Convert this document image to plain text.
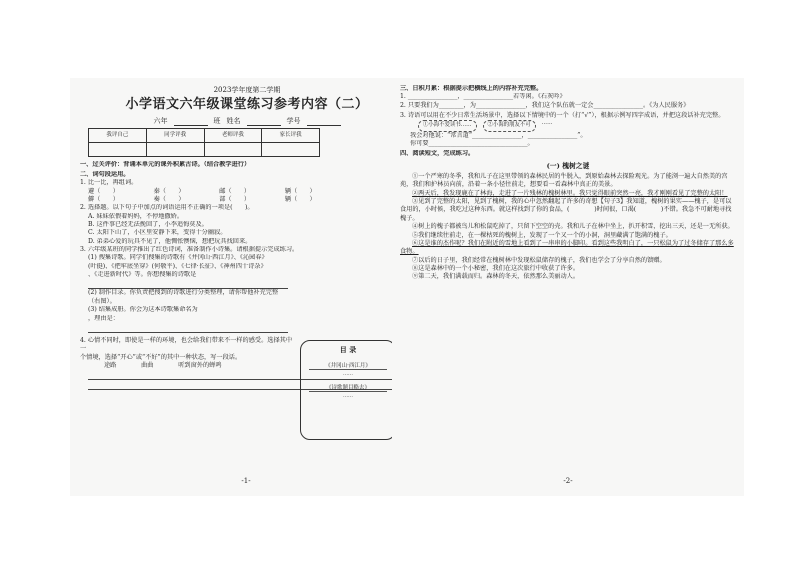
2023学年度第二学期
小学语文六年级课堂练习参考内容（二）
六年	班 姓名	学号
我评自己	同学评我	老师评我	家长评我

一、过关评价：背诵本单元的课外积累古诗。（结合教学进行）
二、词句段运用。
1. 比一比，再组词。
避（　　）	秦（　　）	邮（　　）	辆（　　）
僻（　　）	奏（　　）	部（　　）	辆（　　）
2. 选择题。以下句子中加点的词语运用不正确的一项是(　　)。
A. 妹妹依偎着妈妈，不停地撒娇。
B. 这件事已经无法挽回了，小李追悔莫及。
C. 太阳下山了，小区里安静下来，变得十分幽寂。
D. 弟弟心爱的玩具不见了，他惆怅懊恼，想把玩具找回来。
3. 六年级某班的同学推出了红色诗词，准备制作小诗集。请根据提示完成练习。
(1) 搜集诗歌。同学们搜集的诗歌有《井冈山·西江月》、《沁园春》
(叶挺)、《把牢底坐穿》(何敬平)、《七律·长征》、《神州四十诗杂》
、《走进新时代》等。你想搜集的诗歌是
(2) 制作目录。你负责把搜到的诗歌进行分类整理，请你帮他补充完整（右图）。
(3) 结集成册。你会为这本诗歌集命名为
，理由是：
4. 心情不同时，即使是一样的环境，也会给我们带来不一样的感受。选择其中一
个情境，选择“开心”或“不好”的其中一种状态，写一段话。
途路　　　　曲曲　　　　听到窗外的蝉鸣
-1-
目 录
《井冈山·西江月》
……
《诗歌题目略去》
……
三、日积月累：根据提示把横线上的内容补充完整。
1. ________________，________________若等闲。《石灰吟》
2. 只要我们为________，为________________，我们这个队伍就一定会________________。《为人民服务》
3. 诗语可以用在不少日常生活场景中，选择以下情境中的一个（打“√”），根据示例写四字成语，并把这段话补充完整。
①小海不爱读书……	②小海的朋友不可	……
我会对他说：“常言道“________________，________________”。
你可要________________________________。
四、阅读短文，完成练习。
(一) 槐树之谜
①一个严寒的冬季，我和儿子在这里带领的森林民居的牛脱入，到原始森林去探险观光。为了能浏一遍大自然美的宫苑，我们和护林员向前，沿着一条小径往前走，想要看一看森林中真正的美景。
②两天后，我发现鹿在了林海，走进了一片残林的槐树林里。我只觉得眼前突然一亮，我才刚刚看见了完整的太阳！
③见到了完整的太阳，见到了槐树，我的心中忽然翻起了许多的奇想【句子3】我知道，槐树的果实——槐子，是可以食用的，小时候，我吃过这种东西。就这样找到了你的食品，(　　　　)时间很，口渴(　　　　)不错。我急不可耐地寻找槐子。
④树上的槐子都被鸟儿和松鼠吃掉了，只留下空空的壳。我和儿子在林中坐上，扒开积雪，挖出三天，还是一无所获。
⑤我们继续往前走，在一棵枯死的槐树上，发现了一个又一个的小洞，洞里藏满了饱满的槐子。
⑥这是谁的杰作呢？我们在附近的雪地上看到了一串串的小脚印。看到这些我明白了，一只松鼠为了过冬储存了那么多食物。
⑦以后的日子里，我们经常在槐树林中发现松鼠储存的槐子，我们也学会了分享自然的馈赠。
⑧这是森林中的一个小秘密，我们在这次旅行中收获了许多。
⑨第二天，我们满载而归。森林的冬天，依然那么美丽动人。
-2-
